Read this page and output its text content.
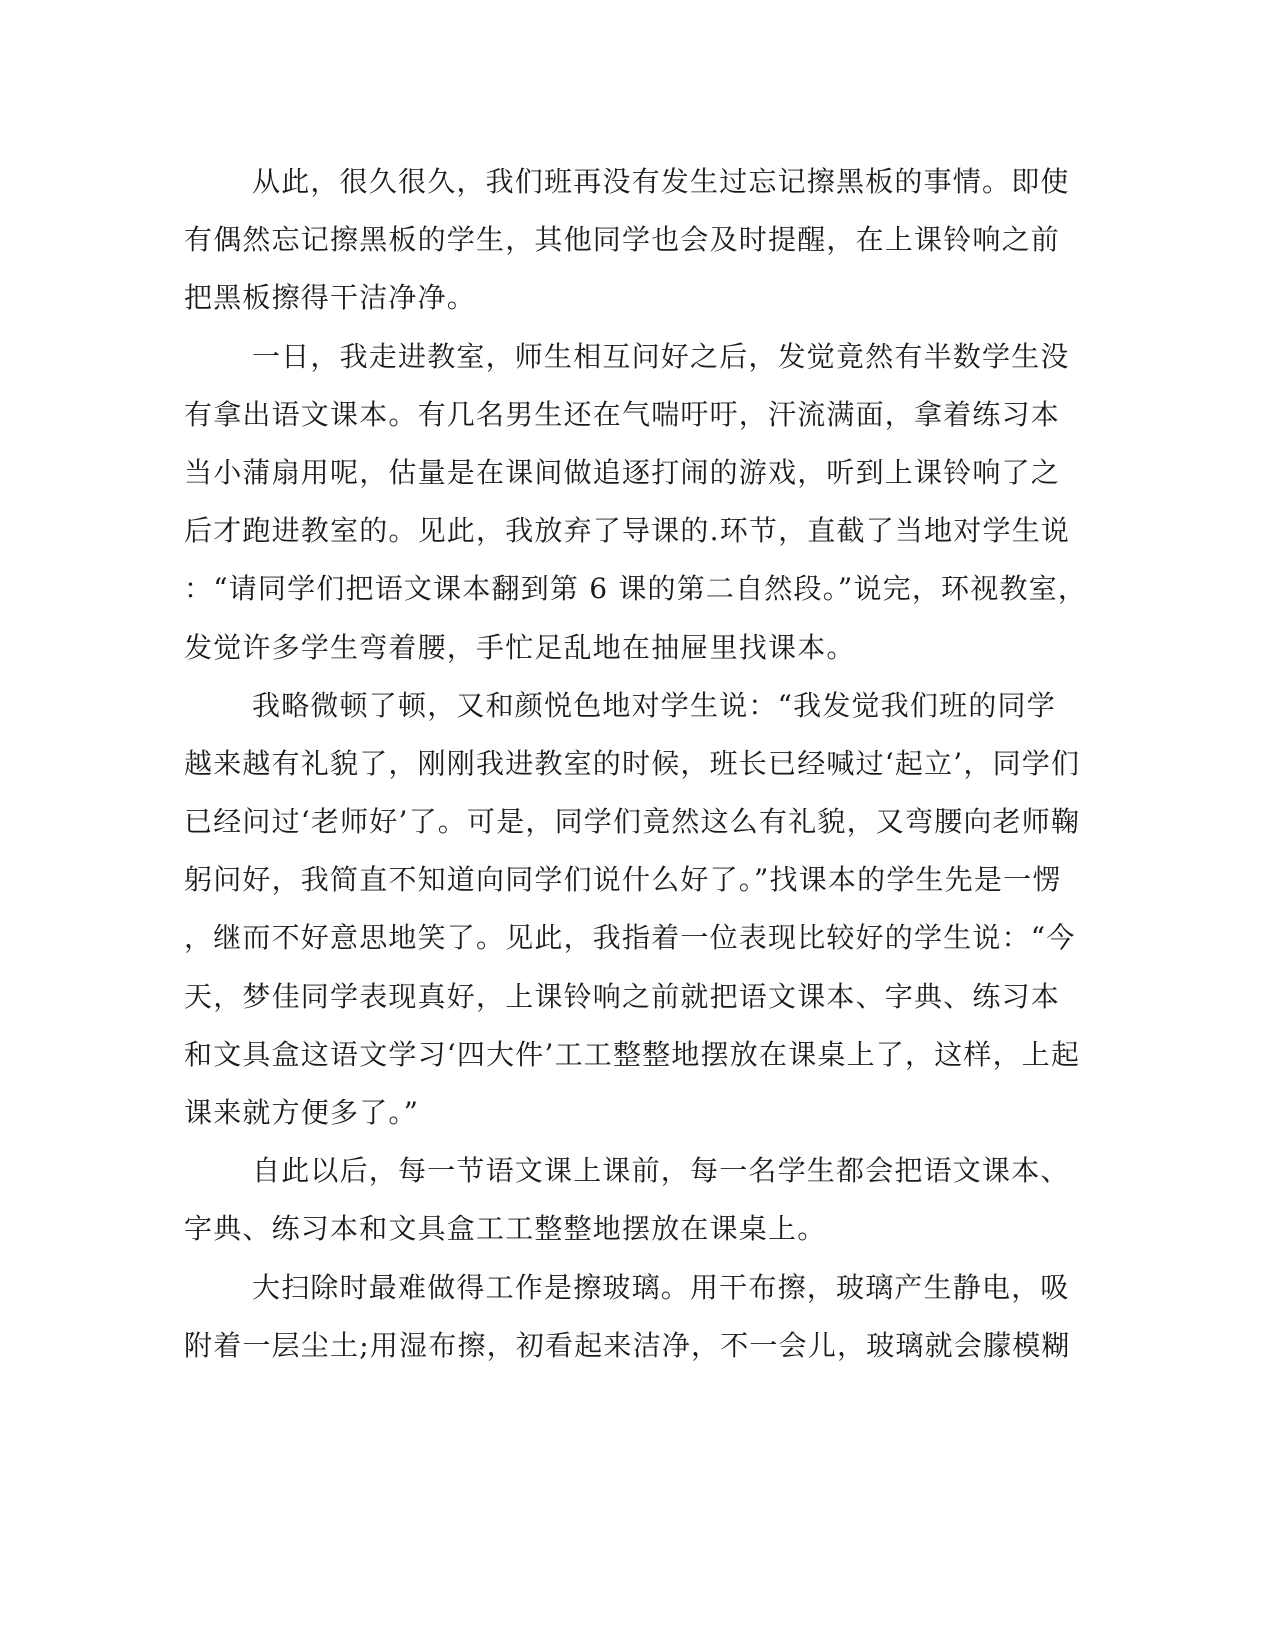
从此，很久很久，我们班再没有发生过忘记擦黑板的事情。即使
有偶然忘记擦黑板的学生，其他同学也会及时提醒，在上课铃响之前
把黑板擦得干洁净净。
一日，我走进教室，师生相互问好之后，发觉竟然有半数学生没
有拿出语文课本。有几名男生还在气喘吁吁，汗流满面，拿着练习本
当小蒲扇用呢，估量是在课间做追逐打闹的游戏，听到上课铃响了之
后才跑进教室的。见此，我放弃了导课的.环节，直截了当地对学生说
：“请同学们把语文课本翻到第 6 课的第二自然段。”说完，环视教室，
发觉许多学生弯着腰，手忙足乱地在抽屉里找课本。
我略微顿了顿，又和颜悦色地对学生说：“我发觉我们班的同学
越来越有礼貌了，刚刚我进教室的时候，班长已经喊过‘起立’，同学们
已经问过‘老师好’了。可是，同学们竟然这么有礼貌，又弯腰向老师鞠
躬问好，我简直不知道向同学们说什么好了。”找课本的学生先是一愣
，继而不好意思地笑了。见此，我指着一位表现比较好的学生说：“今
天，梦佳同学表现真好，上课铃响之前就把语文课本、字典、练习本
和文具盒这语文学习‘四大件’工工整整地摆放在课桌上了，这样，上起
课来就方便多了。”
自此以后，每一节语文课上课前，每一名学生都会把语文课本、
字典、练习本和文具盒工工整整地摆放在课桌上。
大扫除时最难做得工作是擦玻璃。用干布擦，玻璃产生静电，吸
附着一层尘土;用湿布擦，初看起来洁净，不一会儿，玻璃就会朦模糊
